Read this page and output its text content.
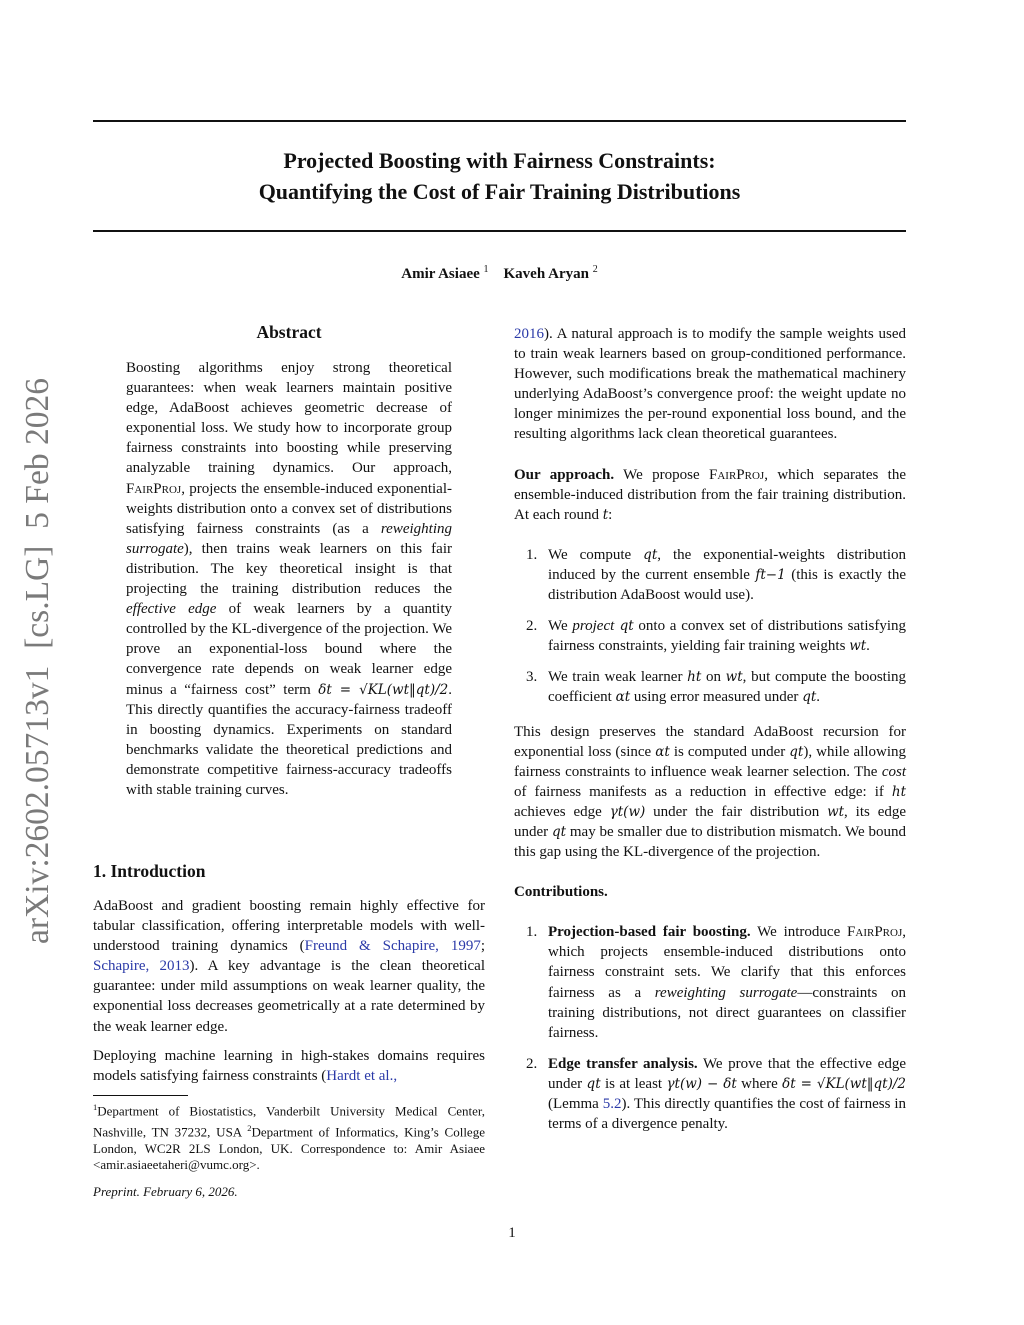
Projected Boosting with Fairness Constraints:
Quantifying the Cost of Fair Training Distributions
Amir Asiaee $^1$ Kaveh Aryan $^2$
arXiv:2602.05713v1  [cs.LG]  5 Feb 2026
Abstract

Boosting algorithms enjoy strong theoretical guarantees: when weak learners maintain positive edge, AdaBoost achieves geometric decrease of exponential loss. We study how to incorporate group fairness constraints into boosting while preserving analyzable training dynamics. Our approach, FairProj, projects the ensemble-induced exponential-weights distribution onto a convex set of distributions satisfying fairness constraints (as a reweighting surrogate), then trains weak learners on this fair distribution. The key theoretical insight is that projecting the training distribution reduces the effective edge of weak learners by a quantity controlled by the KL-divergence of the projection. We prove an exponential-loss bound where the convergence rate depends on weak learner edge minus a “fairness cost” term δt = √KL(wt‖qt)/2. This directly quantifies the accuracy-fairness tradeoff in boosting dynamics. Experiments on standard benchmarks validate the theoretical predictions and demonstrate competitive fairness-accuracy tradeoffs with stable training curves.

1. Introduction

AdaBoost and gradient boosting remain highly effective for tabular classification, offering interpretable models with well-understood training dynamics (Freund & Schapire, 1997; Schapire, 2013). A key advantage is the clean theoretical guarantee: under mild assumptions on weak learner quality, the exponential loss decreases geometrically at a rate determined by the weak learner edge.

Deploying machine learning in high-stakes domains requires models satisfying fairness constraints (Hardt et al.,

$^1$Department of Biostatistics, Vanderbilt University Medical Center, Nashville, TN 37232, USA $^2$Department of Informatics, King’s College London, WC2R 2LS London, UK. Correspondence to: Amir Asiaee <amir.asiaeetaheri@vumc.org>.
Preprint. February 6, 2026.

2016). A natural approach is to modify the sample weights used to train weak learners based on group-conditioned performance. However, such modifications break the mathematical machinery underlying AdaBoost’s convergence proof: the weight update no longer minimizes the per-round exponential loss bound, and the resulting algorithms lack clean theoretical guarantees.

Our approach. We propose FairProj, which separates the ensemble-induced distribution from the fair training distribution. At each round t:

1. We compute qt, the exponential-weights distribution induced by the current ensemble ft−1 (this is exactly the distribution AdaBoost would use).
2. We project qt onto a convex set of distributions satisfying fairness constraints, yielding fair training weights wt.
3. We train weak learner ht on wt, but compute the boosting coefficient αt using error measured under qt.

This design preserves the standard AdaBoost recursion for exponential loss (since αt is computed under qt), while allowing fairness constraints to influence weak learner selection. The cost of fairness manifests as a reduction in effective edge: if ht achieves edge γt(w) under the fair distribution wt, its edge under qt may be smaller due to distribution mismatch. We bound this gap using the KL-divergence of the projection.

Contributions.

1. Projection-based fair boosting. We introduce FairProj, which projects ensemble-induced distributions onto fairness constraint sets. We clarify that this enforces fairness as a reweighting surrogate—constraints on training distributions, not direct guarantees on classifier fairness.
2. Edge transfer analysis. We prove that the effective edge under qt is at least γt(w) − δt where δt = √KL(wt‖qt)/2 (Lemma 5.2). This directly quantifies the cost of fairness in terms of a divergence penalty.
1
